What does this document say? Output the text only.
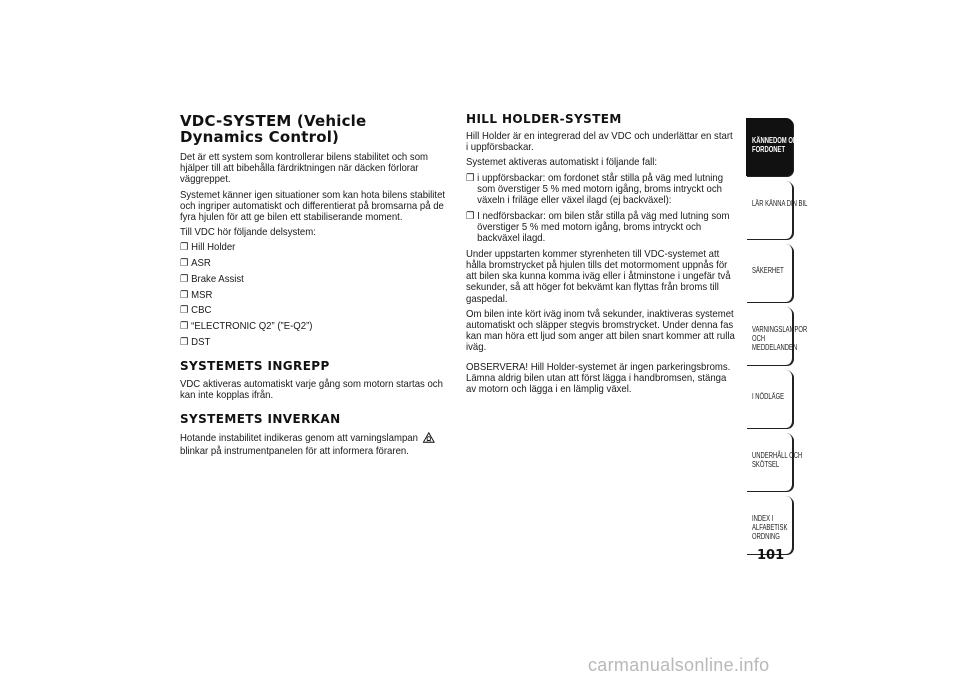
VDC-SYSTEM (Vehicle Dynamics Control)

Det är ett system som kontrollerar bilens stabilitet och som hjälper till att bibehålla färdriktningen när däcken förlorar väggreppet.

Systemet känner igen situationer som kan hota bilens stabilitet och ingriper automatiskt och differentierat på bromsarna på de fyra hjulen för att ge bilen ett stabiliserande moment.

Till VDC hör följande delsystem:

❐ Hill Holder
❐ ASR
❐ Brake Assist
❐ MSR
❐ CBC
❐ “ELECTRONIC Q2” (”E-Q2”)
❐ DST
SYSTEMETS INGREPP

VDC aktiveras automatiskt varje gång som motorn startas och kan inte kopplas ifrån.

SYSTEMETS INVERKAN

Hotande instabilitet indikeras genom att varningslampan  blinkar på instrumentpanelen för att informera föraren.

HILL HOLDER-SYSTEM

Hill Holder är en integrerad del av VDC och underlättar en start i uppförsbackar.

Systemet aktiveras automatiskt i följande fall:

❐ i uppförsbackar: om fordonet står stilla på väg med lutning som överstiger 5 % med motorn igång, broms intryckt och växeln i friläge eller växel ilagd (ej backväxel):
❐ I nedförsbackar: om bilen står stilla på väg med lutning som överstiger 5 % med motorn igång, broms intryckt och backväxel ilagd.

Under uppstarten kommer styrenheten till VDC-systemet att hålla bromstrycket på hjulen tills det motormoment uppnås för att bilen ska kunna komma iväg eller i åtminstone i ungefär två sekunder, så att höger fot bekvämt kan flyttas från broms till gaspedal.

Om bilen inte kört iväg inom två sekunder, inaktiveras systemet automatiskt och släpper stegvis bromstrycket. Under denna fas kan man höra ett ljud som anger att bilen snart kommer att rulla iväg.

OBSERVERA! Hill Holder-systemet är ingen parkeringsbroms. Lämna aldrig bilen utan att först lägga i handbromsen, stänga av motorn och lägga i en lämplig växel.

KÄNNEDOM OM FORDONET
LÄR KÄNNA DIN BIL
SÄKERHET
VARNINGSLAMPOR OCH MEDDELANDEN
I NÖDLÄGE
UNDERHÅLL OCH SKÖTSEL
INDEX I ALFABETISK ORDNING
101
carmanualsonline.info
